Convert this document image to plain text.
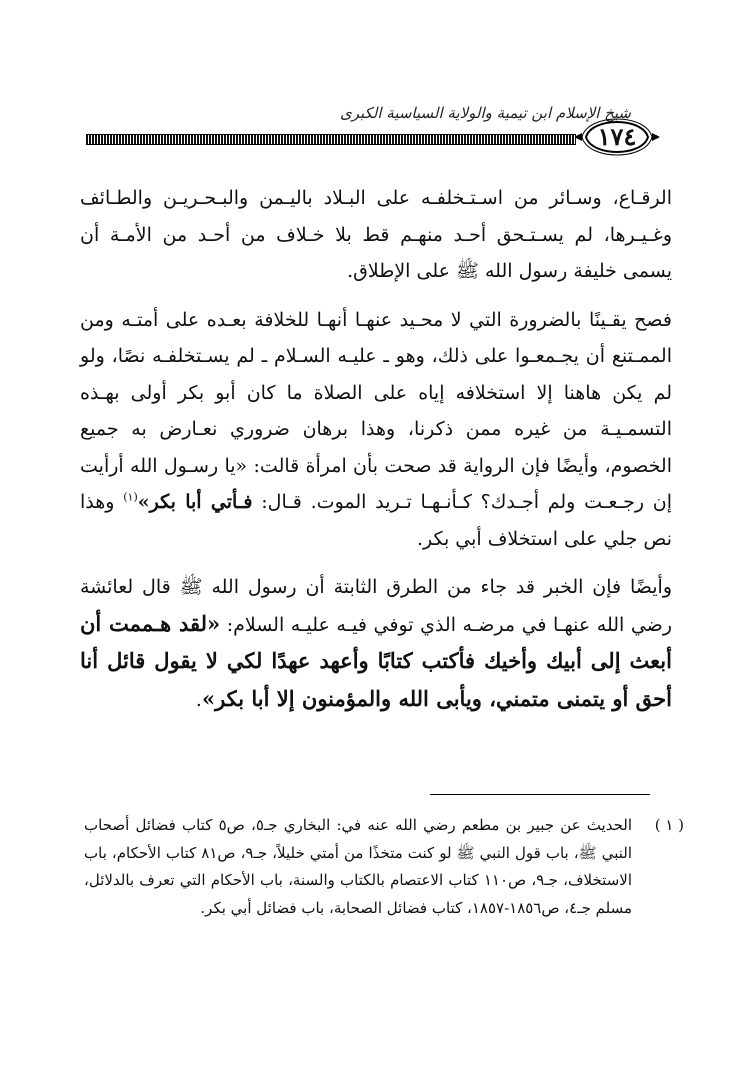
شيخ الإسلام ابن تيمية والولاية السياسية الكبرى
١٧٤

الرقـاع، وسـائر من اسـتـخلفـه على البـلاد باليـمن والبـحـريـن والطـائف وغـيـرها، لم يسـتـحق أحـد منهـم قط بلا خـلاف من أحـد من الأمـة أن يسمى خليفة رسول الله ﷺ على الإطلاق.

فصح يقـينًا بالضرورة التي لا محـيد عنهـا أنهـا للخلافة بعـده على أمتـه ومن الممـتنع أن يجـمعـوا على ذلك، وهو ـ عليـه السـلام ـ لم يسـتخلفـه نصًا، ولو لم يكن هاهنا إلا استخلافه إياه على الصلاة ما كان أبو بكر أولى بهـذه التسمـيـة من غيره ممن ذكرنا، وهذا برهان ضروري نعـارض به جميع الخصوم، وأيضًا فإن الرواية قد صحت بأن امرأة قالت: «يا رسـول الله أرأيت إن رجـعـت ولم أجـدك؟ كـأنـهـا تـريد الموت. قـال: فـأتي أبا بكر»$^{(١)}$ وهذا نص جلي على استخلاف أبي بكر.

وأيضًا فإن الخبر قد جاء من الطرق الثابتة أن رسول الله ﷺ قال لعائشة رضي الله عنهـا في مرضـه الذي توفي فيـه عليـه السلام: «لقد هـممت أن أبعث إلى أبيك وأخيك فأكتب كتابًا وأعهد عهدًا لكي لا يقول قائل أنا أحق أو يتمنى متمني، ويأبى الله والمؤمنون إلا أبا بكر».

( ١ )
الحديث عن جبير بن مطعم رضي الله عنه في: البخاري جـ٥، ص٥ كتاب فضائل أصحاب النبي ﷺ، باب قول النبي ﷺ لو كنت متخذًا من أمتي خليلاً، جـ٩، ص٨١ كتاب الأحكام، باب الاستخلاف، جـ٩، ص١١٠ كتاب الاعتصام بالكتاب والسنة، باب الأحكام التي تعرف بالدلائل، مسلم جـ٤، ص١٨٥٦-١٨٥٧، كتاب فضائل الصحابة، باب فضائل أبي بكر.
